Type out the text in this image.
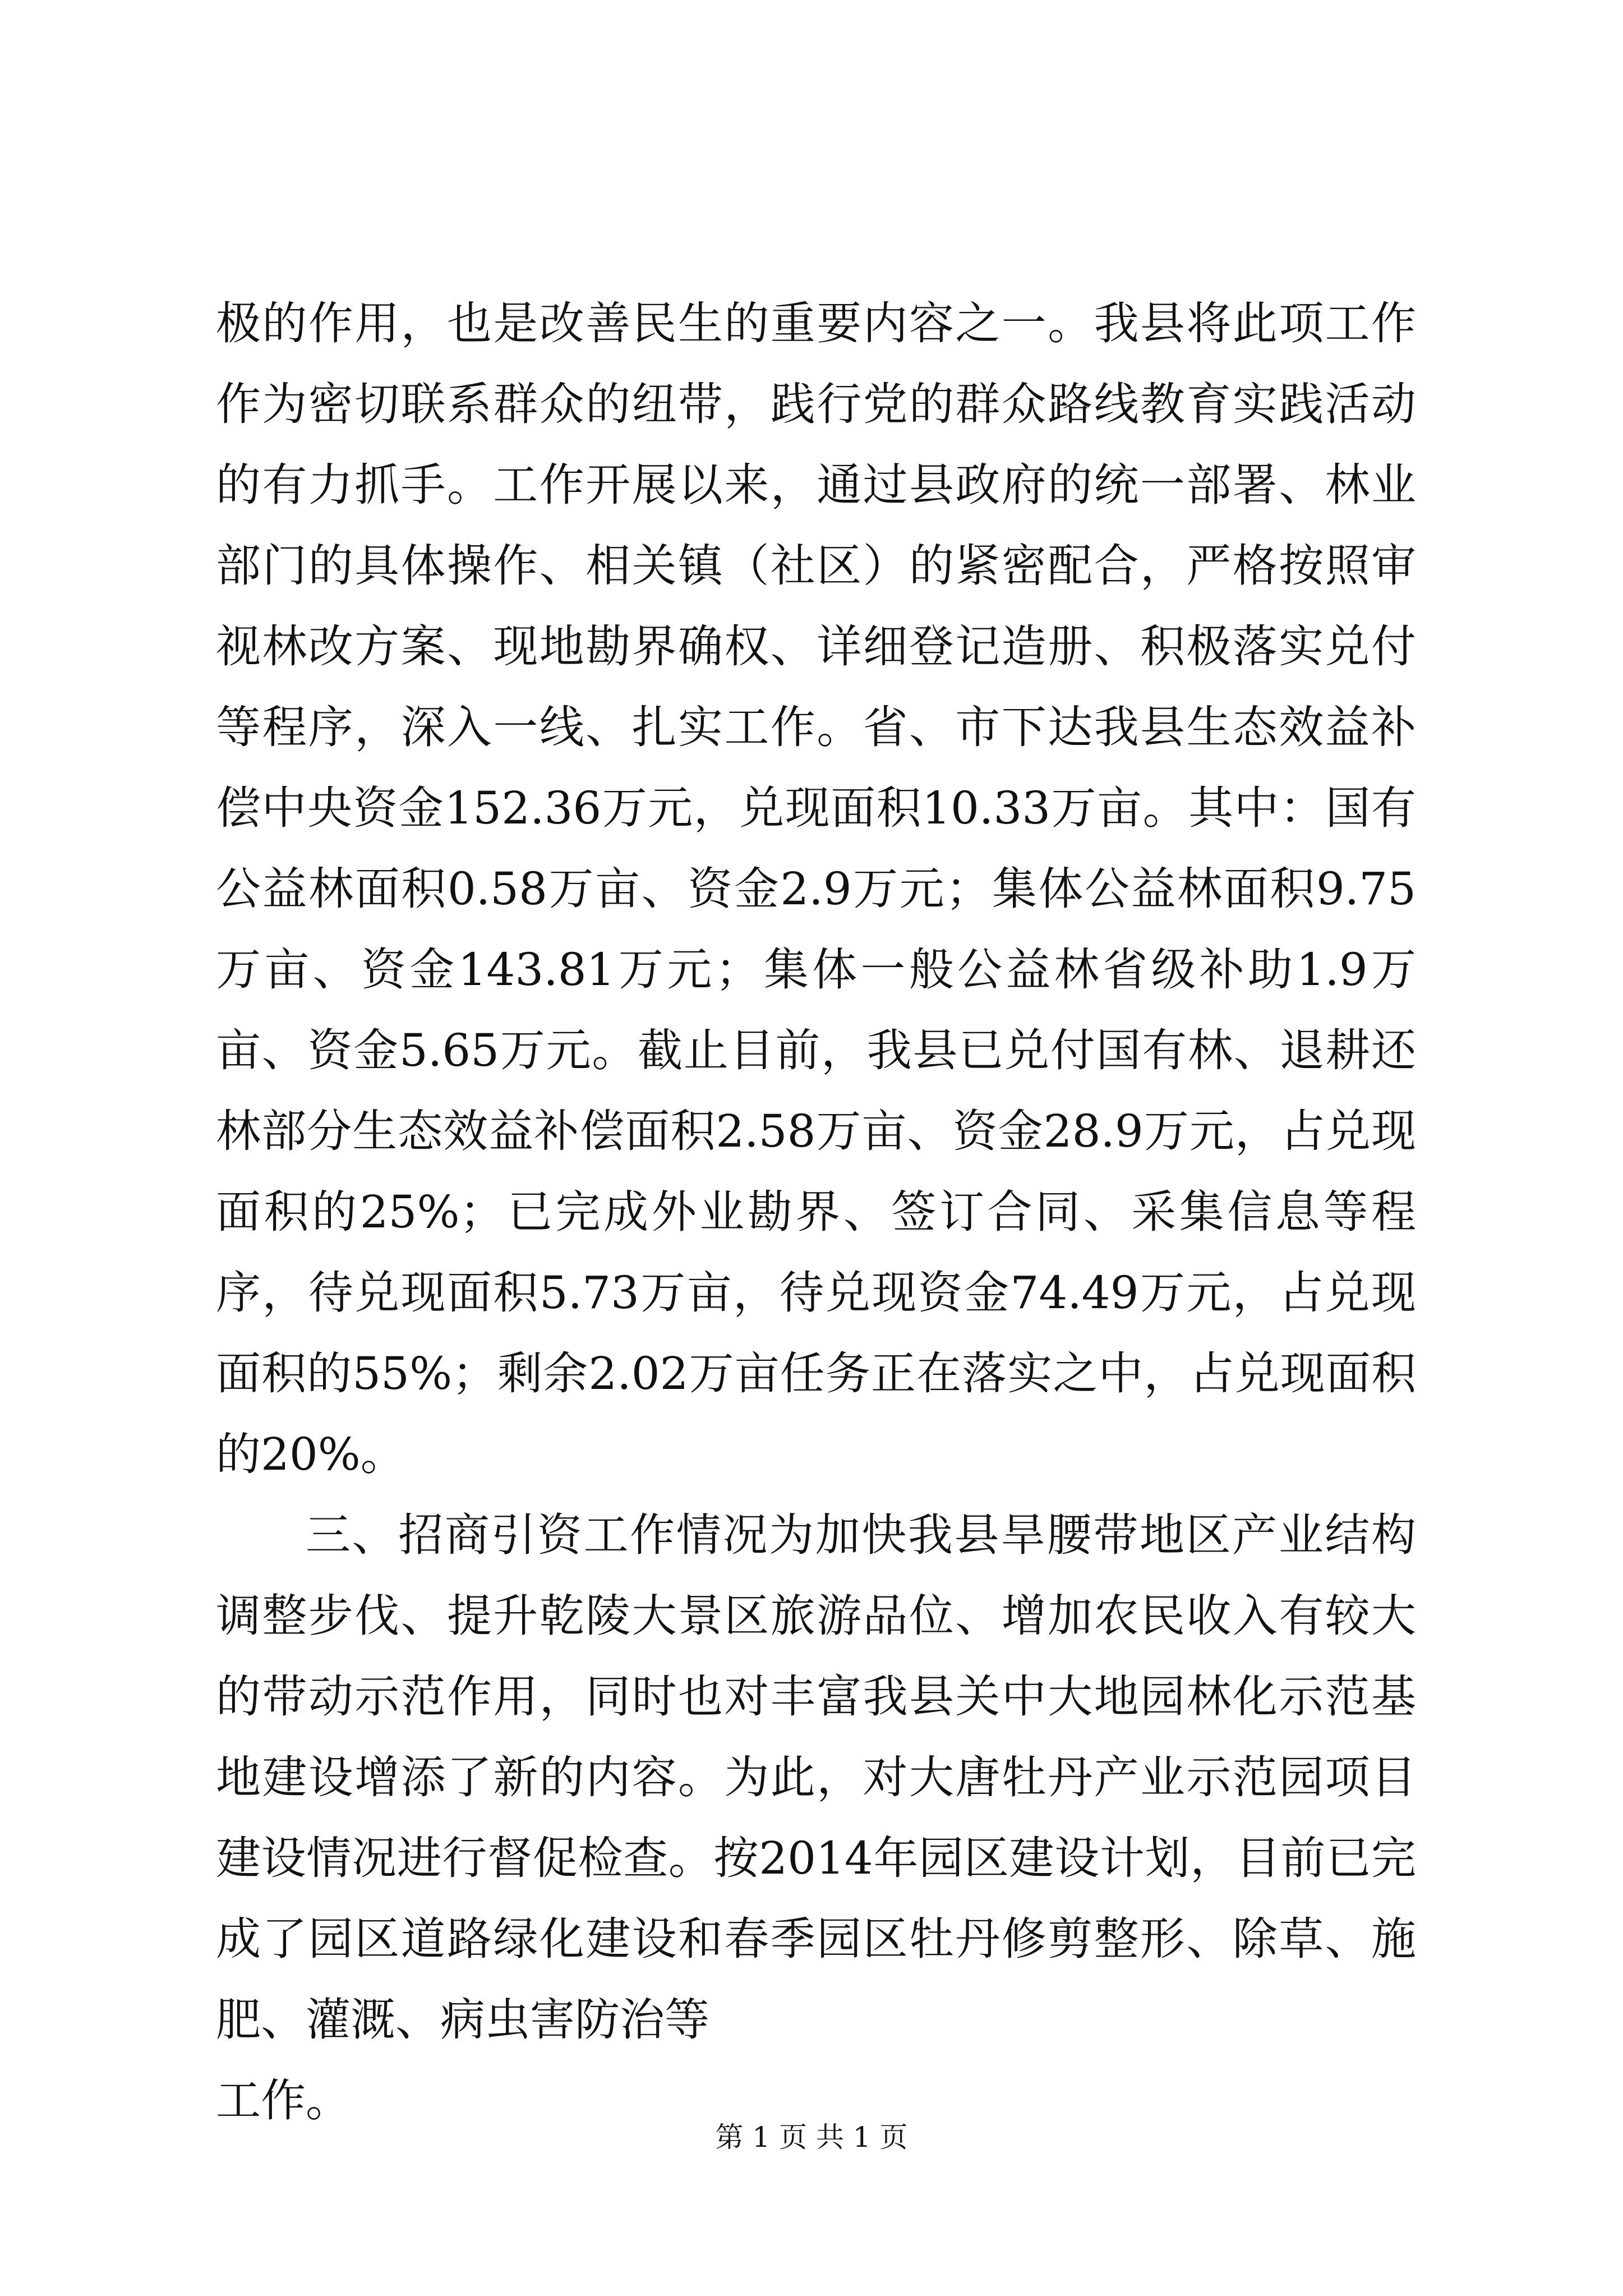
极的作用，也是改善民生的重要内容之一。我县将此项工作作为密切联系群众的纽带，践行党的群众路线教育实践活动的有力抓手。工作开展以来，通过县政府的统一部署、林业部门的具体操作、相关镇（社区）的紧密配合，严格按照审视林改方案、现地勘界确权、详细登记造册、积极落实兑付等程序，深入一线、扎实工作。省、市下达我县生态效益补偿中央资金152.36万元，兑现面积10.33万亩。其中：国有公益林面积0.58万亩、资金2.9万元；集体公益林面积9.75万亩、资金143.81万元；集体一般公益林省级补助1.9万亩、资金5.65万元。截止目前，我县已兑付国有林、退耕还林部分生态效益补偿面积2.58万亩、资金28.9万元，占兑现面积的25%；已完成外业勘界、签订合同、采集信息等程序，待兑现面积5.73万亩，待兑现资金74.49万元，占兑现面积的55%；剩余2.02万亩任务正在落实之中，占兑现面积的20%。

三、招商引资工作情况为加快我县旱腰带地区产业结构调整步伐、提升乾陵大景区旅游品位、增加农民收入有较大的带动示范作用，同时也对丰富我县关中大地园林化示范基地建设增添了新的内容。为此，对大唐牡丹产业示范园项目建设情况进行督促检查。按2014年园区建设计划，目前已完成了园区道路绿化建设和春季园区牡丹修剪整形、除草、施肥、灌溉、病虫害防治等

工作。

第 1 页 共 1 页
